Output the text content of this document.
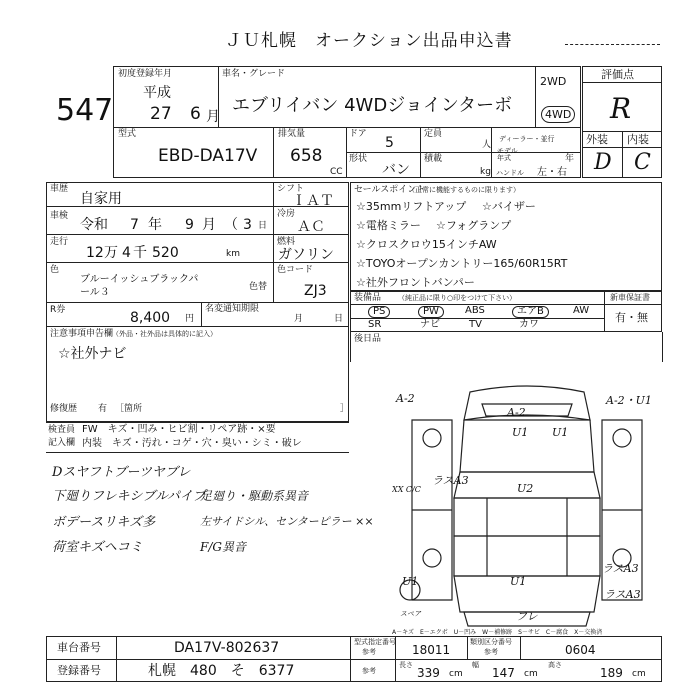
ＪＵ札幌　オークション出品申込書
547
初度登録年月
平成
27 6 月
車名・グレード
エブリイバン 4WDジョインターボ
2WD
4WD
評価点
R
外装 内装
D C
型式
EBD-DA17V
排気量
658
CC
ドア
5
定員
人
形状
バン
積載
kg
ディーラー・並行
モデル年式	年
ハンドル 左・右
車歴
自家用
車検
令和 7 年 9 月 （ 3 日
走行
12 万 4 千 520	km
シフト
ＩＡＴ
冷房
ＡＣ
燃料
ガソリン
色
ブルーイッシュブラックパ
ール３	色替
色コード
ZJ3
R券	8,400 円
名変通知期限
月	日
注意事項申告欄
（外品・社外品は具体的に記入）
☆社外ナビ
修復歴 有 ［箇所	］
セールスポイント
（正常に機能するものに限ります）
☆35mmリフトアップ ☆バイザー
☆電格ミラー ☆フォグランプ
☆クロスクロウ15インチAW
☆TOYOオープンカントリー165/60R15RT
☆社外フロントバンパー
装備品 （純正品に限り○印をつけて下さい）	新車保証書
有・無
PS	PW	ABS	エアB	AW
SR	ナビ	TV	カワ
後日品
検査員
記入欄
FW　キズ・凹み・ヒビ割・リペア跡・×要
内装　キズ・汚れ・コゲ・穴・臭い・シミ・破レ
Dスヤフトブーツヤブレ
下廻りフレキシブルパイプ
ボデースリキズ多
荷室キズヘコミ
足廻り・駆動系異音
左サイドシル、センターピラー ××
F/G異音
A-2
A-2
A-2・U1
U1 U1
U2
ラスA3
XX C/C
U1	U1
ラスA3
ラスA3
スペア	フレ
A－キズ　E－エクボ　U－凹み　W－補修跡　S－サビ　C－腐食　X－交換済
車台番号	DA17V-802637
登録番号	札幌　480　そ　6377
型式指定番号
参考	18011
類別区分番号
参考	0604
参考
長さ
339 cm
幅
147 cm
高さ
189 cm
